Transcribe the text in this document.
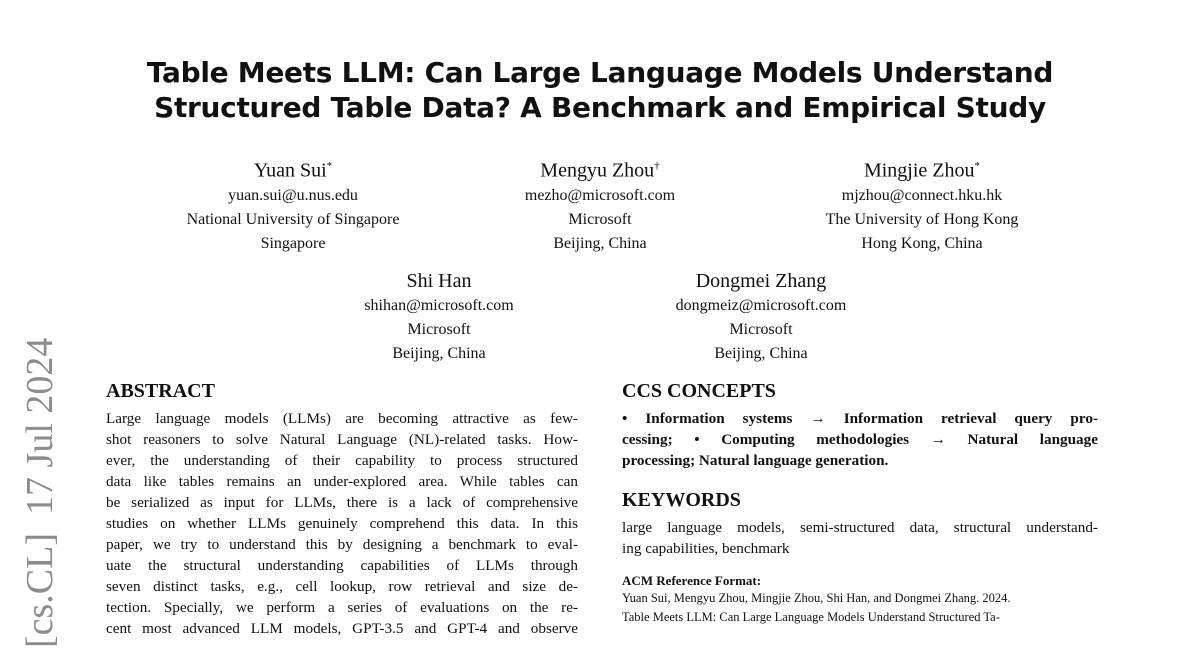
Table Meets LLM: Can Large Language Models Understand
Structured Table Data? A Benchmark and Empirical Study
Yuan Sui*
yuan.sui@u.nus.edu
National University of Singapore
Singapore
Mengyu Zhou†
mezho@microsoft.com
Microsoft
Beijing, China
Mingjie Zhou*
mjzhou@connect.hku.hk
The University of Hong Kong
Hong Kong, China
Shi Han
shihan@microsoft.com
Microsoft
Beijing, China
Dongmei Zhang
dongmeiz@microsoft.com
Microsoft
Beijing, China
[cs.CL]17 Jul 2024 ABSTRACT
Large language models (LLMs) are becoming attractive as few-
shot reasoners to solve Natural Language (NL)-related tasks. How-
ever, the understanding of their capability to process structured
data like tables remains an under-explored area. While tables can
be serialized as input for LLMs, there is a lack of comprehensive
studies on whether LLMs genuinely comprehend this data. In this
paper, we try to understand this by designing a benchmark to eval-
uate the structural understanding capabilities of LLMs through
seven distinct tasks, e.g., cell lookup, row retrieval and size de-
tection. Specially, we perform a series of evaluations on the re-
cent most advanced LLM models, GPT-3.5 and GPT-4 and observe
CCS CONCEPTS
• Information systems → Information retrieval query pro-
cessing; • Computing methodologies → Natural language
processing; Natural language generation.
KEYWORDS
large language models, semi-structured data, structural understand-
ing capabilities, benchmark
ACM Reference Format:
Yuan Sui, Mengyu Zhou, Mingjie Zhou, Shi Han, and Dongmei Zhang. 2024.
Table Meets LLM: Can Large Language Models Understand Structured Ta-
